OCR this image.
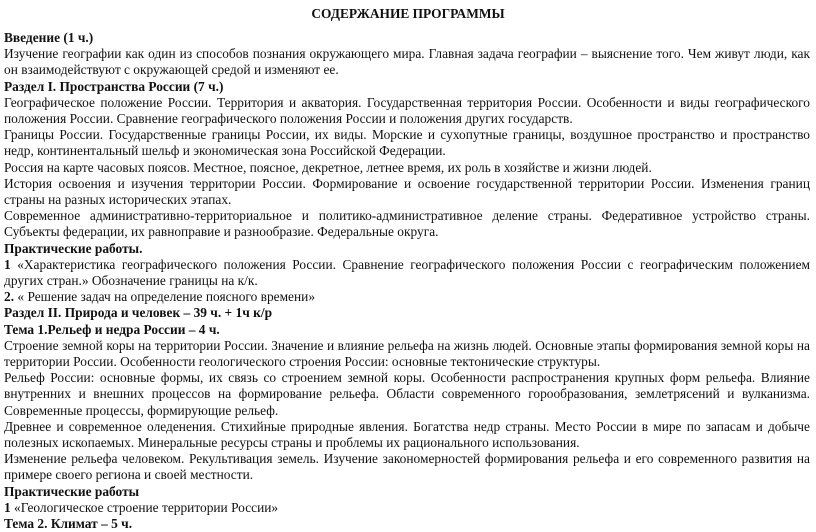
СОДЕРЖАНИЕ ПРОГРАММЫ
Введение (1 ч.)

Изучение географии как один из способов познания окружающего мира. Главная задача географии – выяснение того. Чем живут люди, как он взаимодействуют с окружающей средой и изменяют ее.

Раздел I. Пространства России (7 ч.)

Географическое положение России. Территория и акватория. Государственная территория России. Особенности и виды географического положения России. Сравнение географического положения России и положения других государств.

Границы России. Государственные границы России, их виды. Морские и сухопутные границы, воздушное пространство и пространство недр, континентальный шельф и экономическая зона Российской Федерации.

Россия на карте часовых поясов. Местное, поясное, декретное, летнее время, их роль в хозяйстве и жизни людей.

История освоения и изучения территории России. Формирование и освоение государственной территории России. Изменения границ страны на разных исторических этапах.

Современное административно-территориальное и политико-административное деление страны. Федеративное устройство страны. Субъекты федерации, их равноправие и разнообразие. Федеральные округа.

Практические работы.

1 «Характеристика географического положения России. Сравнение географического положения России с географическим положением других стран.» Обозначение границы на к/к.

2. « Решение задач на определение поясного времени»

Раздел II. Природа и человек – 39 ч. + 1ч к/р
Тема 1.Рельеф и недра России – 4 ч.

Строение земной коры на территории России. Значение и влияние рельефа на жизнь людей. Основные этапы формирования земной коры на территории России. Особенности геологического строения России: основные тектонические структуры.

Рельеф России: основные формы, их связь со строением земной коры. Особенности распространения крупных форм рельефа. Влияние внутренних и внешних процессов на формирование рельефа. Области современного горообразования, землетрясений и вулканизма. Современные процессы, формирующие рельеф.

Древнее и современное оледенения. Стихийные природные явления. Богатства недр страны. Место России в мире по запасам и добыче полезных ископаемых. Минеральные ресурсы страны и проблемы их рационального использования.

Изменение рельефа человеком. Рекультивация земель. Изучение закономерностей формирования рельефа и его современного развития на примере своего региона и своей местности.

Практические работы

1 «Геологическое строение территории России»

Тема 2. Климат – 5 ч.
